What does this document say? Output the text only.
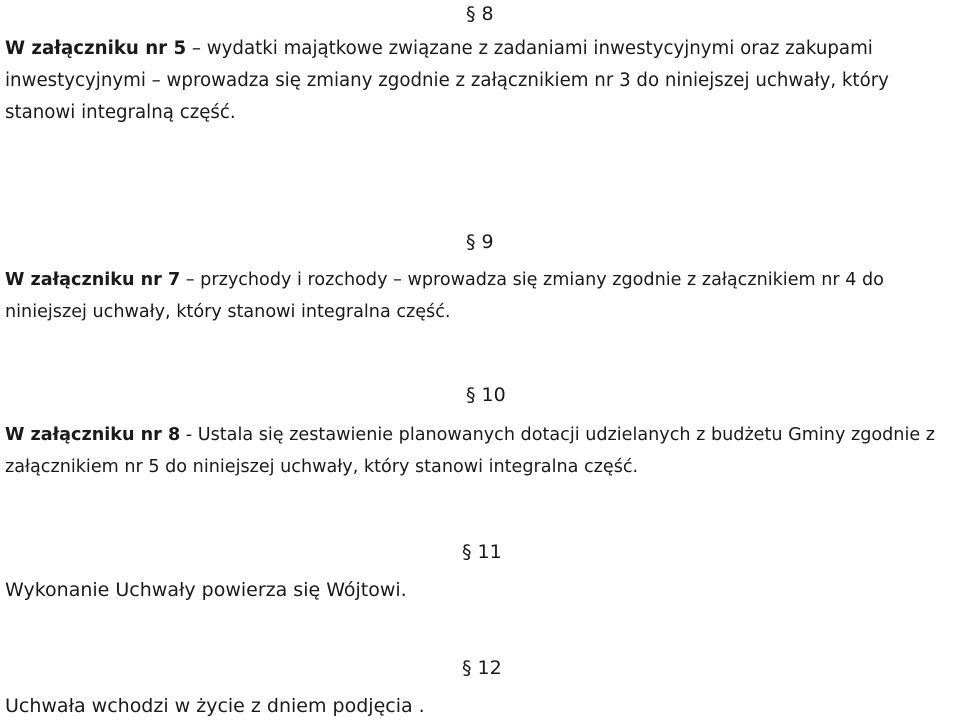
§ 8

W załączniku nr 5 – wydatki majątkowe związane z zadaniami inwestycyjnymi oraz zakupami inwestycyjnymi – wprowadza się zmiany zgodnie z załącznikiem nr 3 do niniejszej uchwały, który stanowi integralną część.

§ 9

W załączniku nr 7 – przychody i rozchody – wprowadza się zmiany zgodnie z załącznikiem nr 4 do niniejszej uchwały, który stanowi integralna część.

§ 10

W załączniku nr 8 - Ustala się zestawienie planowanych dotacji udzielanych z budżetu Gminy zgodnie z załącznikiem nr 5 do niniejszej uchwały, który stanowi integralna część.

§ 11

Wykonanie Uchwały powierza się Wójtowi.

§ 12

Uchwała wchodzi w życie z dniem podjęcia .
